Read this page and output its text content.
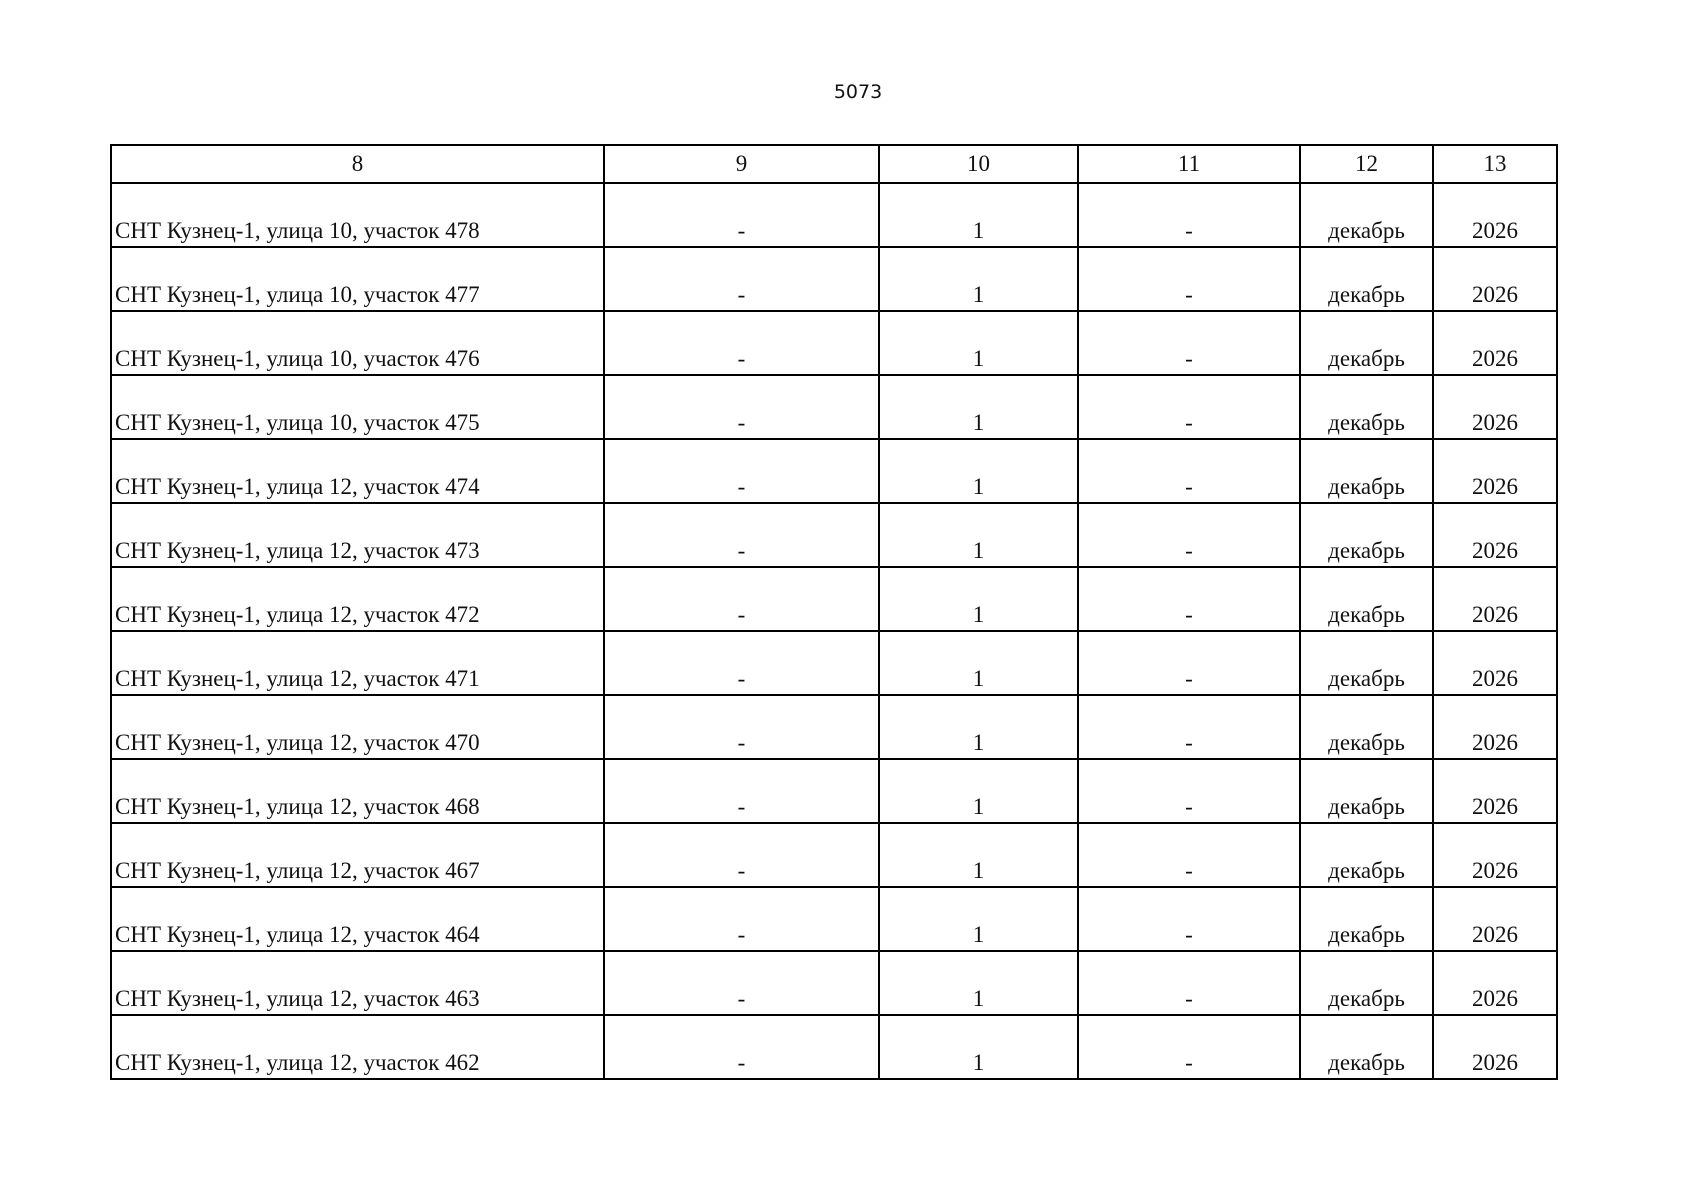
5073
8	9	10	11	12	13
СНТ Кузнец-1, улица 10, участок 478	-	1	-	декабрь	2026
СНТ Кузнец-1, улица 10, участок 477	-	1	-	декабрь	2026
СНТ Кузнец-1, улица 10, участок 476	-	1	-	декабрь	2026
СНТ Кузнец-1, улица 10, участок 475	-	1	-	декабрь	2026
СНТ Кузнец-1, улица 12, участок 474	-	1	-	декабрь	2026
СНТ Кузнец-1, улица 12, участок 473	-	1	-	декабрь	2026
СНТ Кузнец-1, улица 12, участок 472	-	1	-	декабрь	2026
СНТ Кузнец-1, улица 12, участок 471	-	1	-	декабрь	2026
СНТ Кузнец-1, улица 12, участок 470	-	1	-	декабрь	2026
СНТ Кузнец-1, улица 12, участок 468	-	1	-	декабрь	2026
СНТ Кузнец-1, улица 12, участок 467	-	1	-	декабрь	2026
СНТ Кузнец-1, улица 12, участок 464	-	1	-	декабрь	2026
СНТ Кузнец-1, улица 12, участок 463	-	1	-	декабрь	2026
СНТ Кузнец-1, улица 12, участок 462	-	1	-	декабрь	2026
